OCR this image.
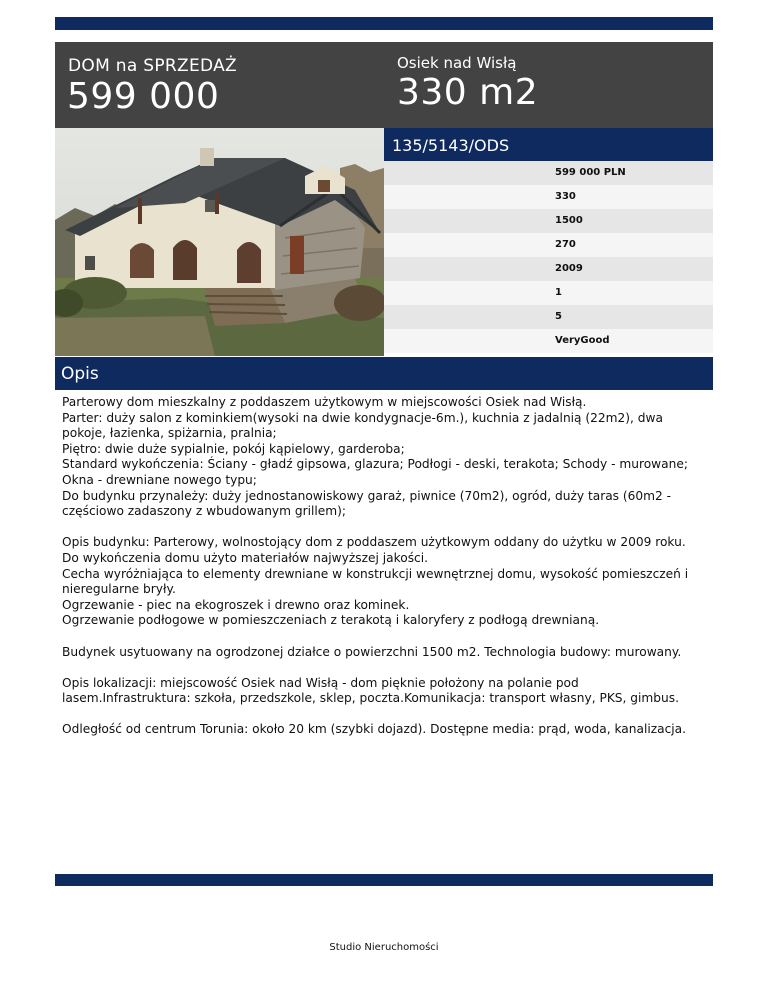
DOM na SPRZEDAŻ
599 000
Osiek nad Wisłą
330 m2
135/5143/ODS
599 000 PLN
330
1500
270
2009
1
5
VeryGood
Opis

Parterowy dom mieszkalny z poddaszem użytkowym w miejscowości Osiek nad Wisłą.
Parter: duży salon z kominkiem(wysoki na dwie kondygnacje-6m.), kuchnia z jadalnią (22m2), dwa pokoje, łazienka, spiżarnia, pralnia;
Piętro: dwie duże sypialnie, pokój kąpielowy, garderoba;
Standard wykończenia: Ściany - gładź gipsowa, glazura; Podłogi - deski, terakota; Schody - murowane;
Okna - drewniane nowego typu;
Do budynku przynależy: duży jednostanowiskowy garaż, piwnice (70m2), ogród, duży taras (60m2 - częściowo zadaszony z wbudowanym grillem);

Opis budynku: Parterowy, wolnostojący dom z poddaszem użytkowym oddany do użytku w 2009 roku.
Do wykończenia domu użyto materiałów najwyższej jakości.
Cecha wyróżniająca to elementy drewniane w konstrukcji wewnętrznej domu, wysokość pomieszczeń i nieregularne bryły.
Ogrzewanie - piec na ekogroszek i drewno oraz kominek.
Ogrzewanie podłogowe w pomieszczeniach z terakotą i kaloryfery z podłogą drewnianą.

Budynek usytuowany na ogrodzonej działce o powierzchni 1500 m2. Technologia budowy: murowany.

Opis lokalizacji: miejscowość Osiek nad Wisłą - dom pięknie położony na polanie pod lasem.Infrastruktura: szkoła, przedszkole, sklep, poczta.Komunikacja: transport własny, PKS, gimbus.

Odległość od centrum Torunia: około 20 km (szybki dojazd). Dostępne media: prąd, woda, kanalizacja.

Studio Nieruchomości
